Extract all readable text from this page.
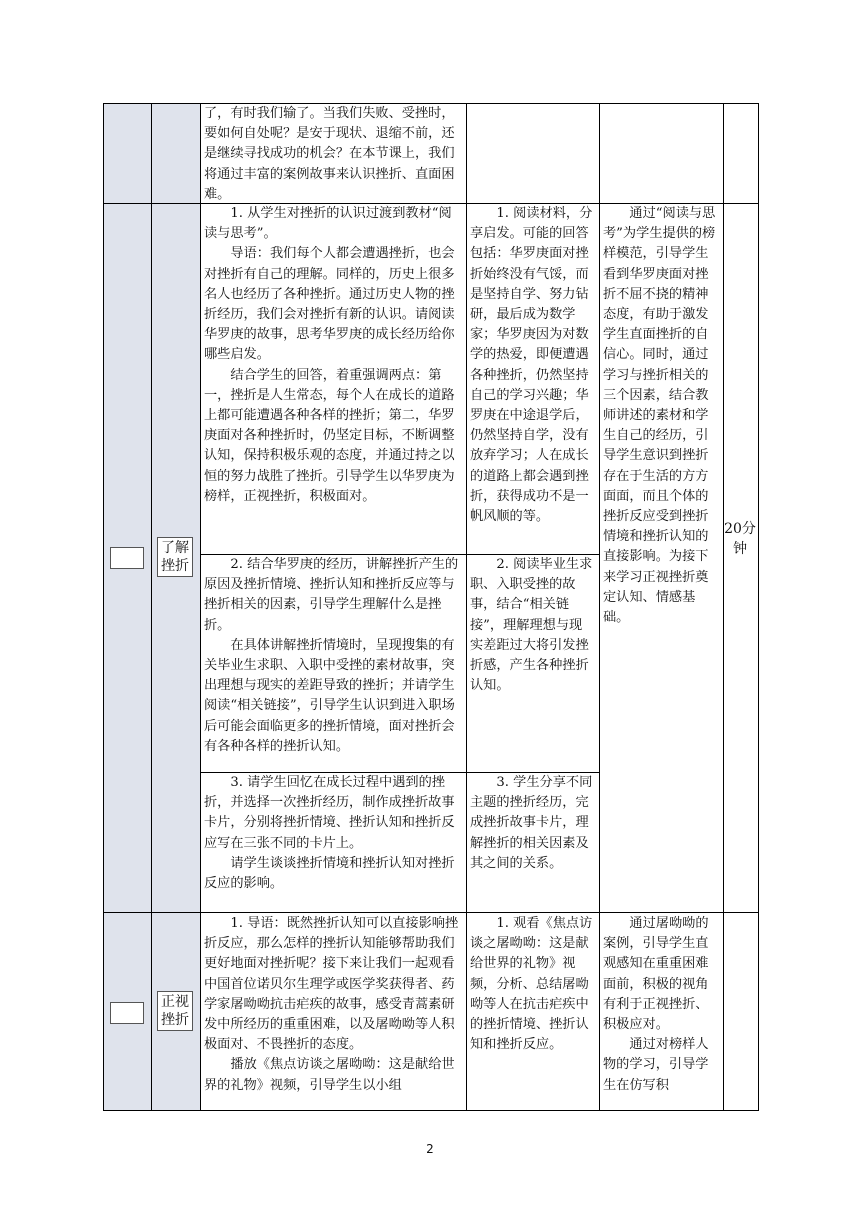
了，有时我们输了。当我们失败、受挫时，要如何自处呢？是安于现状、退缩不前，还是继续寻找成功的机会？在本节课上，我们将通过丰富的案例故事来认识挫折、直面困难。

了解挫折

1. 从学生对挫折的认识过渡到教材“阅读与思考”。

导语：我们每个人都会遭遇挫折，也会对挫折有自己的理解。同样的，历史上很多名人也经历了各种挫折。通过历史人物的挫折经历，我们会对挫折有新的认识。请阅读华罗庚的故事，思考华罗庚的成长经历给你哪些启发。

结合学生的回答，着重强调两点：第一，挫折是人生常态，每个人在成长的道路上都可能遭遇各种各样的挫折；第二，华罗庚面对各种挫折时，仍坚定目标，不断调整认知，保持积极乐观的态度，并通过持之以恒的努力战胜了挫折。引导学生以华罗庚为榜样，正视挫折，积极面对。

1. 阅读材料，分享启发。可能的回答包括：华罗庚面对挫折始终没有气馁，而是坚持自学、努力钻研，最后成为数学家；华罗庚因为对数学的热爱，即便遭遇各种挫折，仍然坚持自己的学习兴趣；华罗庚在中途退学后，仍然坚持自学，没有放弃学习；人在成长的道路上都会遇到挫折，获得成功不是一帆风顺的等。

2. 结合华罗庚的经历，讲解挫折产生的原因及挫折情境、挫折认知和挫折反应等与挫折相关的因素，引导学生理解什么是挫折。

在具体讲解挫折情境时，呈现搜集的有关毕业生求职、入职中受挫的素材故事，突出理想与现实的差距导致的挫折；并请学生阅读“相关链接”，引导学生认识到进入职场后可能会面临更多的挫折情境，面对挫折会有各种各样的挫折认知。

2. 阅读毕业生求职、入职受挫的故事，结合“相关链接”，理解理想与现实差距过大将引发挫折感，产生各种挫折认知。

3. 请学生回忆在成长过程中遇到的挫折，并选择一次挫折经历，制作成挫折故事卡片，分别将挫折情境、挫折认知和挫折反应写在三张不同的卡片上。

请学生谈谈挫折情境和挫折认知对挫折反应的影响。

3. 学生分享不同主题的挫折经历，完成挫折故事卡片，理解挫折的相关因素及其之间的关系。

通过“阅读与思考”为学生提供的榜样模范，引导学生看到华罗庚面对挫折不屈不挠的精神态度，有助于激发学生直面挫折的自信心。同时，通过学习与挫折相关的三个因素，结合教师讲述的素材和学生自己的经历，引导学生意识到挫折存在于生活的方方面面，而且个体的挫折反应受到挫折情境和挫折认知的直接影响。为接下来学习正视挫折奠定认知、情感基础。

20分钟
正视挫折

1. 导语：既然挫折认知可以直接影响挫折反应，那么怎样的挫折认知能够帮助我们更好地面对挫折呢？接下来让我们一起观看中国首位诺贝尔生理学或医学奖获得者、药学家屠呦呦抗击疟疾的故事，感受青蒿素研发中所经历的重重困难，以及屠呦呦等人积极面对、不畏挫折的态度。

播放《焦点访谈之屠呦呦：这是献给世界的礼物》视频，引导学生以小组

1. 观看《焦点访谈之屠呦呦：这是献给世界的礼物》视频，分析、总结屠呦呦等人在抗击疟疾中的挫折情境、挫折认知和挫折反应。

通过屠呦呦的案例，引导学生直观感知在重重困难面前，积极的视角有利于正视挫折、积极应对。

通过对榜样人物的学习，引导学生在仿写积

2
